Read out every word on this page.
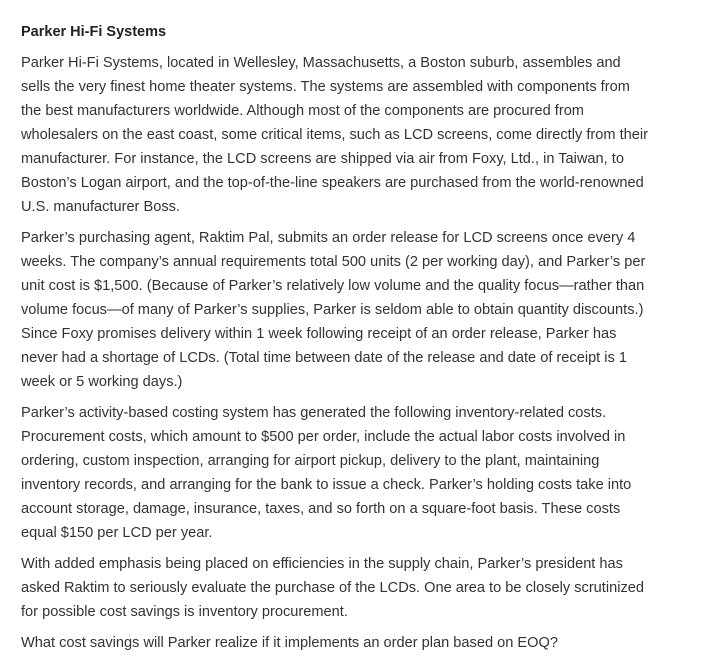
Parker Hi-Fi Systems

Parker Hi-Fi Systems, located in Wellesley, Massachusetts, a Boston suburb, assembles and
sells the very finest home theater systems. The systems are assembled with components from
the best manufacturers worldwide. Although most of the components are procured from
wholesalers on the east coast, some critical items, such as LCD screens, come directly from their
manufacturer. For instance, the LCD screens are shipped via air from Foxy, Ltd., in Taiwan, to
Boston’s Logan airport, and the top-of-the-line speakers are purchased from the world-renowned
U.S. manufacturer Boss.

Parker’s purchasing agent, Raktim Pal, submits an order release for LCD screens once every 4
weeks. The company’s annual requirements total 500 units (2 per working day), and Parker’s per
unit cost is $1,500. (Because of Parker’s relatively low volume and the quality focus—rather than
volume focus—of many of Parker’s supplies, Parker is seldom able to obtain quantity discounts.)
Since Foxy promises delivery within 1 week following receipt of an order release, Parker has
never had a shortage of LCDs. (Total time between date of the release and date of receipt is 1
week or 5 working days.)

Parker’s activity-based costing system has generated the following inventory-related costs.
Procurement costs, which amount to $500 per order, include the actual labor costs involved in
ordering, custom inspection, arranging for airport pickup, delivery to the plant, maintaining
inventory records, and arranging for the bank to issue a check. Parker’s holding costs take into
account storage, damage, insurance, taxes, and so forth on a square-foot basis. These costs
equal $150 per LCD per year.

With added emphasis being placed on efficiencies in the supply chain, Parker’s president has
asked Raktim to seriously evaluate the purchase of the LCDs. One area to be closely scrutinized
for possible cost savings is inventory procurement.

What cost savings will Parker realize if it implements an order plan based on EOQ?
